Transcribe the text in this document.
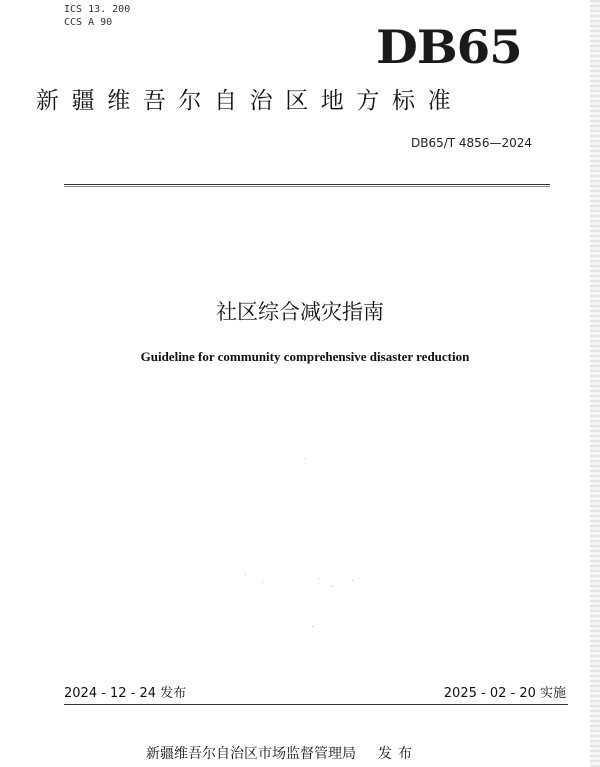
ICS 13. 200
CCS A 90	DB65
新疆维吾尔自治区地方标准
DB65/T 4856—2024
社区综合减灾指南
Guideline for community comprehensive disaster reduction
2024 - 12 - 24 发布	2025 - 02 - 20 实施
新疆维吾尔自治区市场监督管理局 发布
